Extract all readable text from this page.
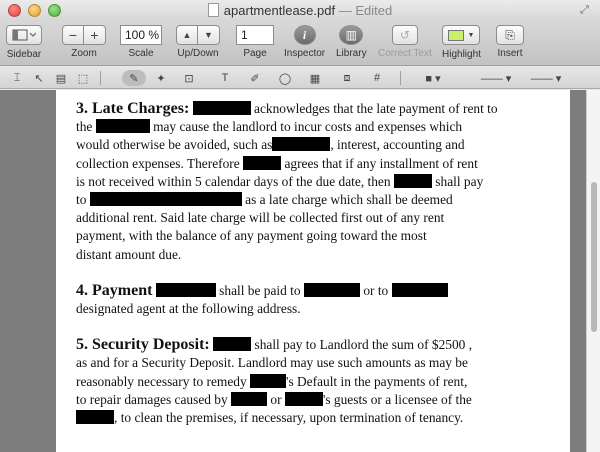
apartmentlease.pdf — Edited	⤢
Sidebar
− +
Zoom
100 %
Scale
▲	▼
Up/Down
1
Page
i
Inspector
▥
Library
↺
Correct Text
▼
Highlight
⎘
Insert
⌶	↖	▤	⬚	✎	✦	⊡	T	✐	◯	▦	⧈	#	■ ▾	—— ▾	—— ▾

3. Late Charges:	acknowledges that the late payment of rent to
the	may cause the landlord to incur costs and expenses which
would otherwise be avoided, such as	, interest, accounting and
collection expenses. Therefore	agrees that if any installment of rent
is not received within 5 calendar days of the due date, then	shall pay
to	as a late charge which shall be deemed
additional rent. Said late charge will be collected first out of any rent
payment, with the balance of any payment going toward the most
distant amount due.

4. Payment	shall be paid to	or to
designated agent at the following address.

5. Security Deposit:	shall pay to Landlord the sum of $2500 ,
as and for a Security Deposit. Landlord may use such amounts as may be
reasonably necessary to remedy	's Default in the payments of rent,
to repair damages caused by	or	's guests or a licensee of the
, to clean the premises, if necessary, upon termination of tenancy.
